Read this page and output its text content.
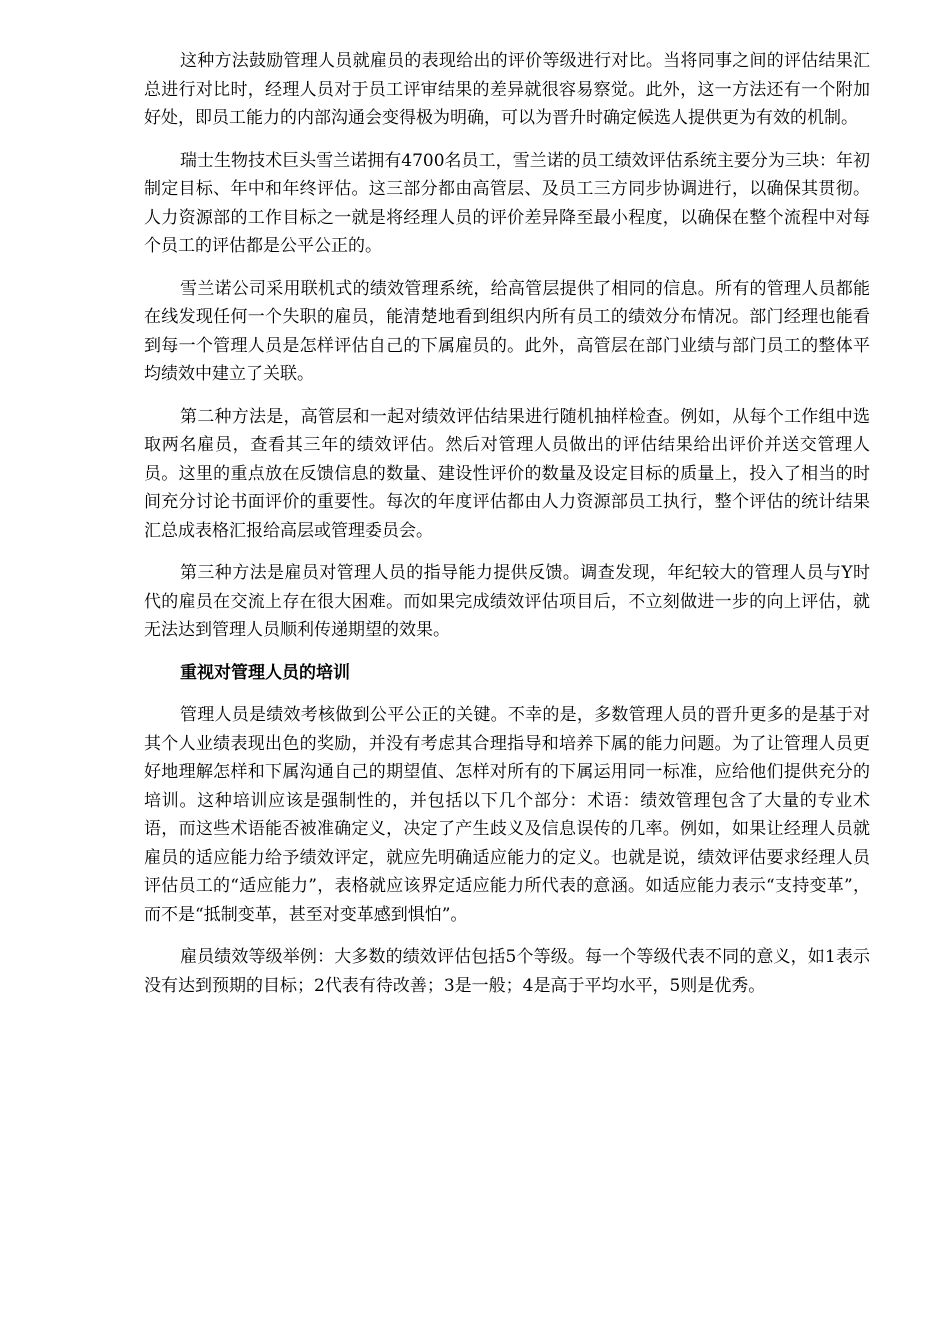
这种方法鼓励管理人员就雇员的表现给出的评价等级进行对比。当将同事之间的评估结果汇总进行对比时，经理人员对于员工评审结果的差异就很容易察觉。此外，这一方法还有一个附加好处，即员工能力的内部沟通会变得极为明确，可以为晋升时确定候选人提供更为有效的机制。

瑞士生物技术巨头雪兰诺拥有4700名员工，雪兰诺的员工绩效评估系统主要分为三块：年初制定目标、年中和年终评估。这三部分都由高管层、及员工三方同步协调进行，以确保其贯彻。人力资源部的工作目标之一就是将经理人员的评价差异降至最小程度，以确保在整个流程中对每个员工的评估都是公平公正的。

雪兰诺公司采用联机式的绩效管理系统，给高管层提供了相同的信息。所有的管理人员都能在线发现任何一个失职的雇员，能清楚地看到组织内所有员工的绩效分布情况。部门经理也能看到每一个管理人员是怎样评估自己的下属雇员的。此外，高管层在部门业绩与部门员工的整体平均绩效中建立了关联。

第二种方法是，高管层和一起对绩效评估结果进行随机抽样检查。例如，从每个工作组中选取两名雇员，查看其三年的绩效评估。然后对管理人员做出的评估结果给出评价并送交管理人员。这里的重点放在反馈信息的数量、建设性评价的数量及设定目标的质量上，投入了相当的时间充分讨论书面评价的重要性。每次的年度评估都由人力资源部员工执行，整个评估的统计结果汇总成表格汇报给高层或管理委员会。

第三种方法是雇员对管理人员的指导能力提供反馈。调查发现，年纪较大的管理人员与Y时代的雇员在交流上存在很大困难。而如果完成绩效评估项目后，不立刻做进一步的向上评估，就无法达到管理人员顺利传递期望的效果。

重视对管理人员的培训

管理人员是绩效考核做到公平公正的关键。不幸的是，多数管理人员的晋升更多的是基于对其个人业绩表现出色的奖励，并没有考虑其合理指导和培养下属的能力问题。为了让管理人员更好地理解怎样和下属沟通自己的期望值、怎样对所有的下属运用同一标准，应给他们提供充分的培训。这种培训应该是强制性的，并包括以下几个部分：术语：绩效管理包含了大量的专业术语，而这些术语能否被准确定义，决定了产生歧义及信息误传的几率。例如，如果让经理人员就雇员的适应能力给予绩效评定，就应先明确适应能力的定义。也就是说，绩效评估要求经理人员评估员工的“适应能力”，表格就应该界定适应能力所代表的意涵。如适应能力表示“支持变革”，而不是“抵制变革，甚至对变革感到惧怕”。

雇员绩效等级举例：大多数的绩效评估包括5个等级。每一个等级代表不同的意义，如1表示没有达到预期的目标；2代表有待改善；3是一般；4是高于平均水平，5则是优秀。
